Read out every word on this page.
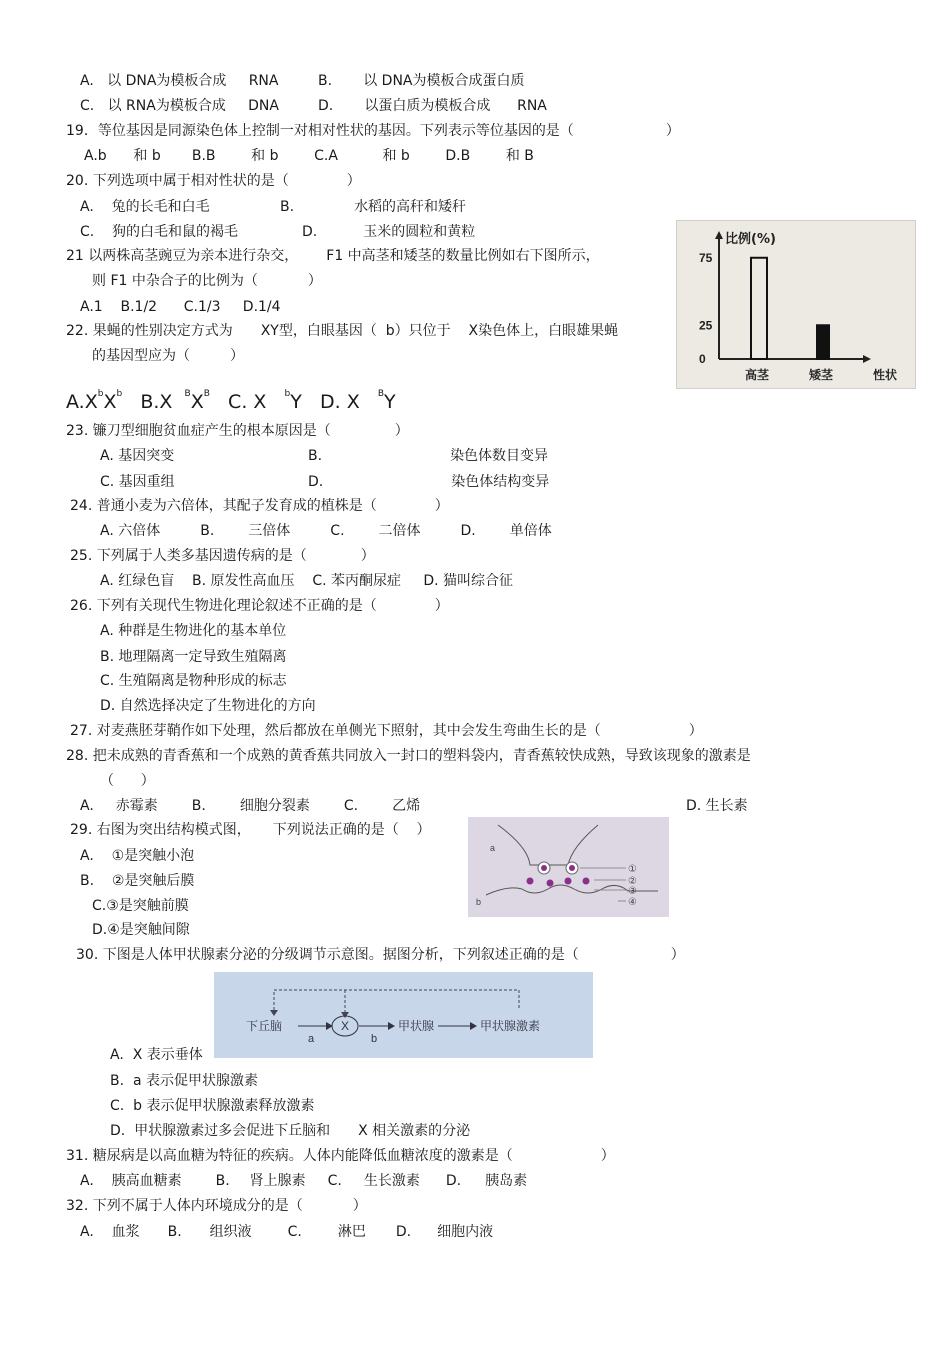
A. 以 DNA为模板合成 RNA	B. 以 DNA为模板合成蛋白质
C. 以 RNA为模板合成 DNA	D. 以蛋白质为模板合成 RNA
19．等位基因是同源染色体上控制一对相对性状的基因。下列表示等位基因的是（	）
A.b 和 b B.B	和 b	C.A	和 b	D.B	和 B
20. 下列选项中属于相对性状的是（	）
A. 兔的长毛和白毛	B.	水稻的高秆和矮秆
C. 狗的白毛和鼠的褐毛	D.	玉米的圆粒和黄粒
21 以两株高茎豌豆为亲本进行杂交， F1 中高茎和矮茎的数量比例如右下图所示，
则 F1 中杂合子的比例为（	）
A.1    B.1/2      C.1/3     D.1/4
22. 果蝇的性别决定方式为 XY型，白眼基因（ b）只位于 X染色体上，白眼雄果蝇
的基因型应为（	）
$A.X^bX^b$ B.X $^BX^B$ C. X $^b$Y D. X $^B$Y
比例(%)
75
25
0
高茎	矮茎	性状
23. 镰刀型细胞贫血症产生的根本原因是（	）
A. 基因突变	B.	染色体数目变异
C. 基因重组	D.	染色体结构变异
24. 普通小麦为六倍体，其配子发育成的植株是（	）
A. 六倍体	B. 三倍体	C. 二倍体	D. 单倍体
25. 下列属于人类多基因遗传病的是（	）
A. 红绿色盲 B. 原发性高血压 C. 苯丙酮尿症 D. 猫叫综合征
26. 下列有关现代生物进化理论叙述不正确的是（	）
A. 种群是生物进化的基本单位
B. 地理隔离一定导致生殖隔离
C. 生殖隔离是物种形成的标志
D. 自然选择决定了生物进化的方向
27. 对麦燕胚芽鞘作如下处理，然后都放在单侧光下照射，其中会发生弯曲生长的是（	）
28. 把未成熟的青香蕉和一个成熟的黄香蕉共同放入一封口的塑料袋内，青香蕉较快成熟，导致该现象的激素是
（      ）
A. 赤霉素 B. 细胞分裂素 C. 乙烯	D. 生长素
29. 右图为突出结构模式图， 下列说法正确的是（ ）
A. ①是突触小泡
B. ②是突触后膜
C.③是突触前膜
D.④是突触间隙
a
b
①
②
③
④
30. 下图是人体甲状腺素分泌的分级调节示意图。据图分析，下列叙述正确的是（	）
下丘脑
a
X
b
甲状腺	甲状腺激素
A. X 表示垂体
B. a 表示促甲状腺激素
C. b 表示促甲状腺激素释放激素
D. 甲状腺激素过多会促进下丘脑和 X 相关激素的分泌
31. 糖尿病是以高血糖为特征的疾病。人体内能降低血糖浓度的激素是（	）
A. 胰高血糖素 B. 肾上腺素 C. 生长激素 D. 胰岛素
32. 下列不属于人体内环境成分的是（	）
A. 血浆 B. 组织液	C.	淋巴 D. 细胞内液
